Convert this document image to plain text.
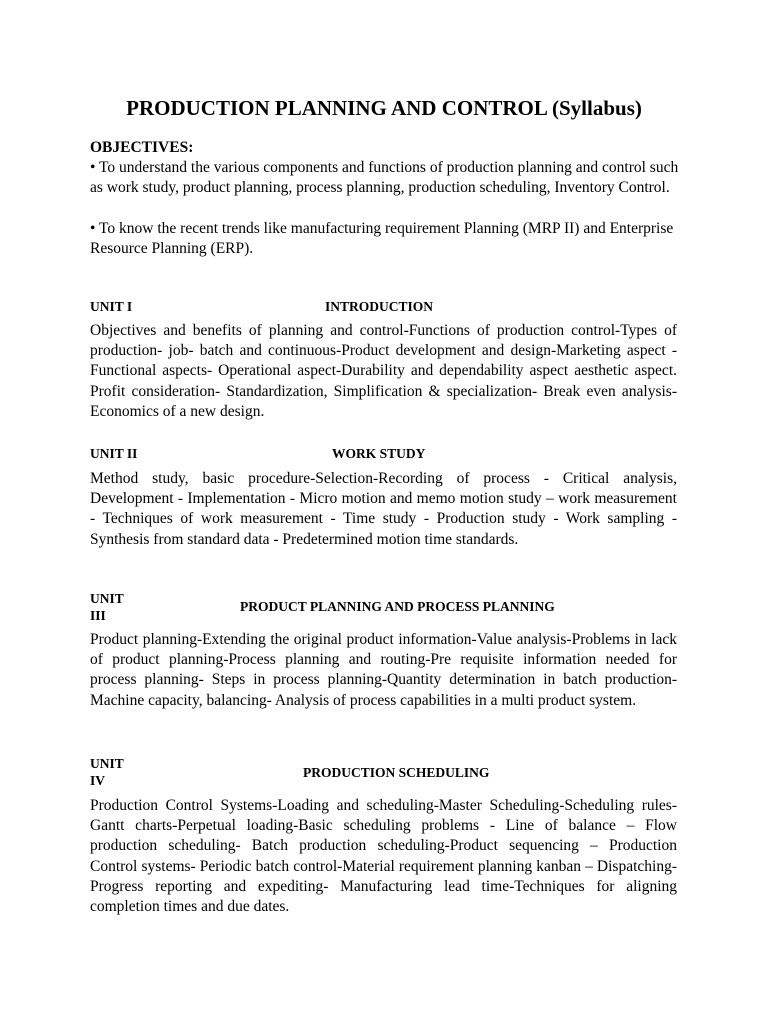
PRODUCTION PLANNING AND CONTROL (Syllabus)
OBJECTIVES:
• To understand the various components and functions of production planning and control such as work study, product planning, process planning, production scheduling, Inventory Control.
• To know the recent trends like manufacturing requirement Planning (MRP II) and Enterprise Resource Planning (ERP).
UNIT I	INTRODUCTION
Objectives and benefits of planning and control-Functions of production control-Types of production- job- batch and continuous-Product development and design-Marketing aspect - Functional aspects- Operational aspect-Durability and dependability aspect aesthetic aspect. Profit consideration- Standardization, Simplification & specialization- Break even analysis-Economics of a new design.
UNIT II	WORK STUDY
Method study, basic procedure-Selection-Recording of process - Critical analysis, Development - Implementation - Micro motion and memo motion study – work measurement - Techniques of work measurement - Time study - Production study - Work sampling - Synthesis from standard data - Predetermined motion time standards.
UNIT III
PRODUCT PLANNING AND PROCESS PLANNING
Product planning-Extending the original product information-Value analysis-Problems in lack of product planning-Process planning and routing-Pre requisite information needed for process planning- Steps in process planning-Quantity determination in batch production-Machine capacity, balancing- Analysis of process capabilities in a multi product system.
UNIT IV
PRODUCTION SCHEDULING
Production Control Systems-Loading and scheduling-Master Scheduling-Scheduling rules-Gantt charts-Perpetual loading-Basic scheduling problems - Line of balance – Flow production scheduling- Batch production scheduling-Product sequencing – Production Control systems- Periodic batch control-Material requirement planning kanban – Dispatching-Progress reporting and expediting- Manufacturing lead time-Techniques for aligning completion times and due dates.
